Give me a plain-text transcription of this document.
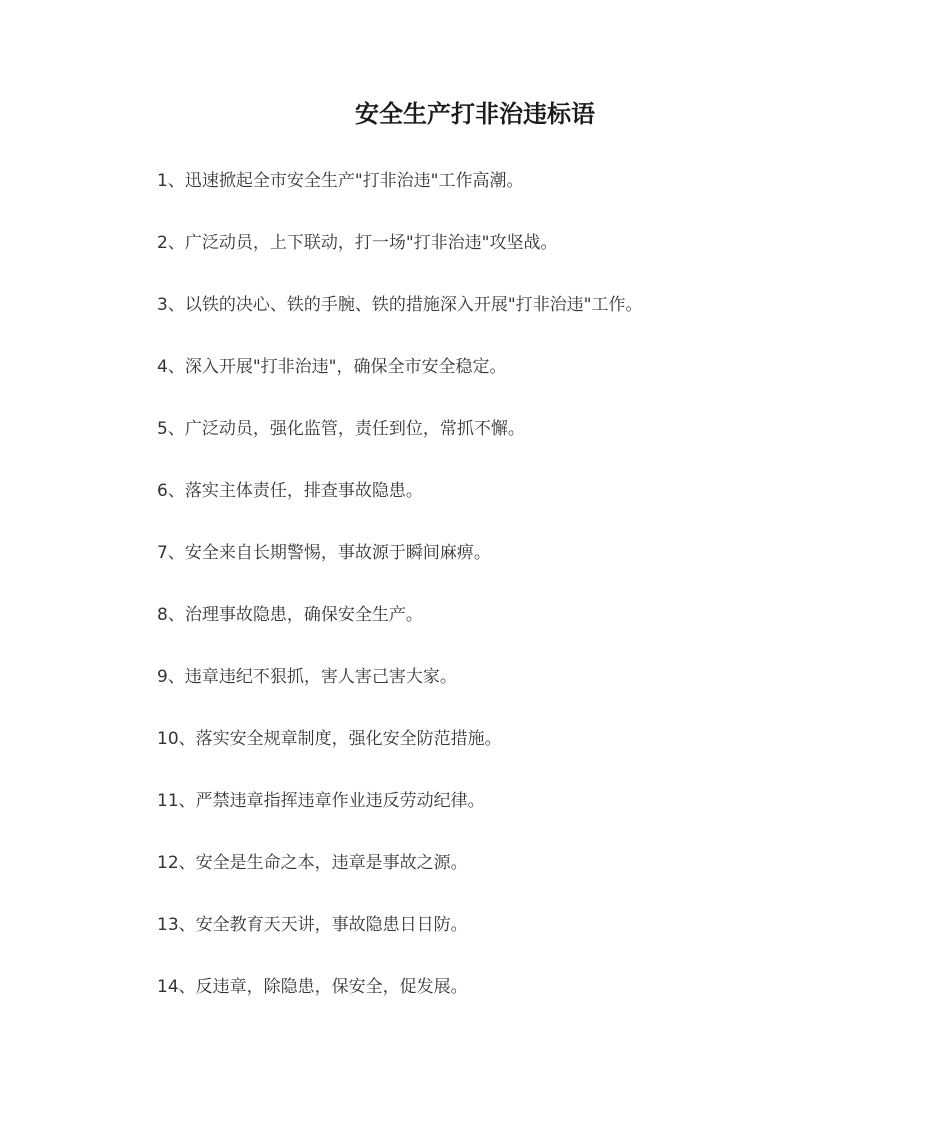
安全生产打非治违标语
1、迅速掀起全市安全生产"打非治违"工作高潮。
2、广泛动员，上下联动，打一场"打非治违"攻坚战。
3、以铁的决心、铁的手腕、铁的措施深入开展"打非治违"工作。
4、深入开展"打非治违"，确保全市安全稳定。
5、广泛动员，强化监管，责任到位，常抓不懈。
6、落实主体责任，排查事故隐患。
7、安全来自长期警惕，事故源于瞬间麻痹。
8、治理事故隐患，确保安全生产。
9、违章违纪不狠抓，害人害己害大家。
10、落实安全规章制度，强化安全防范措施。
11、严禁违章指挥违章作业违反劳动纪律。
12、安全是生命之本，违章是事故之源。
13、安全教育天天讲，事故隐患日日防。
14、反违章，除隐患，保安全，促发展。
